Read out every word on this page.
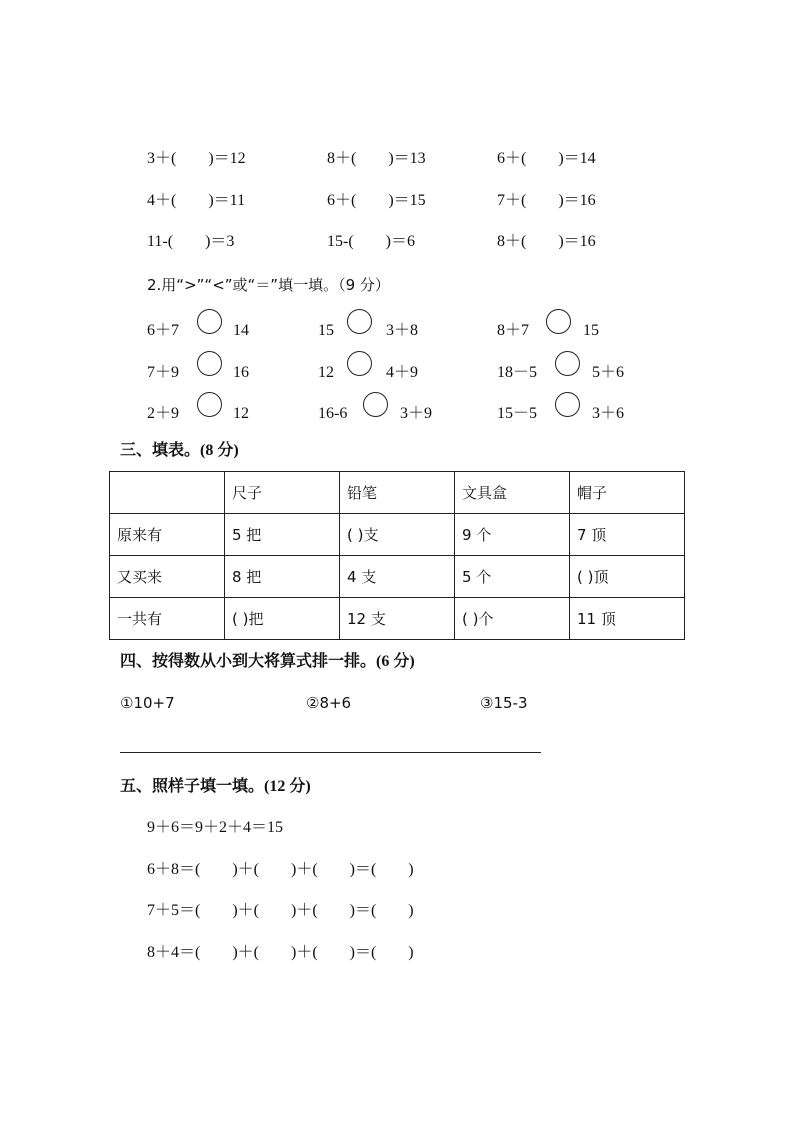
3＋(　　)＝12	8＋(　　)＝13	6＋(　　)＝14
4＋(　　)＝11	6＋(　　)＝15	7＋(　　)＝16
11-(　　)＝3	15-(　　)＝6	8＋(　　)＝16
2.用“>”“<”或“＝”填一填。（9 分）
6＋7	14	15	3＋8	8＋7	15
7＋9	16	12	4＋9	18－5	5＋6
2＋9	12	16-6	3＋9	15－5	3＋6
三、填表。(8 分)
	尺子	铅笔	文具盒	帽子
原来有	5 把	( )支	9 个	7 顶
又买来	8 把	4 支	5 个	( )顶
一共有	( )把	12 支	( )个	11 顶
四、按得数从小到大将算式排一排。(6 分)
①10+7	②8+6	③15-3
五、照样子填一填。(12 分)
9＋6＝9＋2＋4＝15
6＋8＝(　　)＋(　　)＋(　　)＝(　　)
7＋5＝(　　)＋(　　)＋(　　)＝(　　)
8＋4＝(　　)＋(　　)＋(　　)＝(　　)
